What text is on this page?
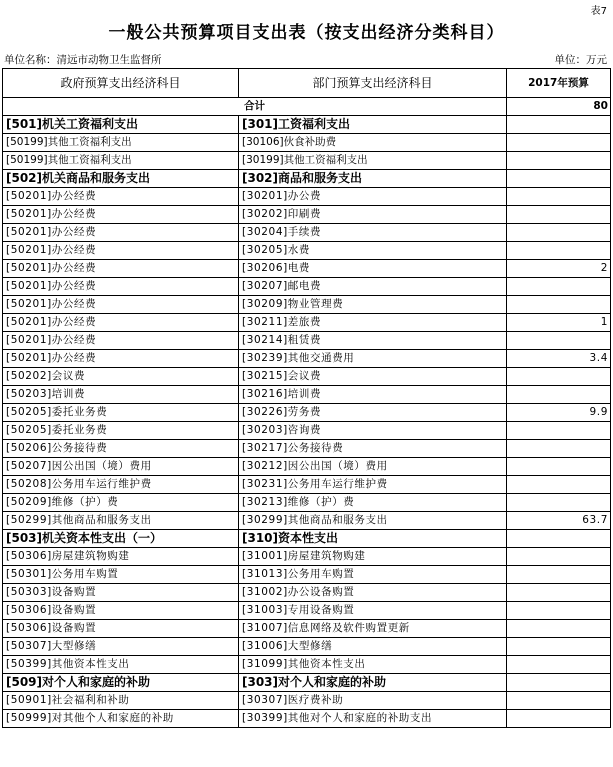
表7
一般公共预算项目支出表（按支出经济分类科目）
单位名称：清远市动物卫生监督所	单位：万元
政府预算支出经济科目	部门预算支出经济科目	2017年预算
合计		80
[501]机关工资福利支出	[301]工资福利支出	
[50199]其他工资福利支出	[30106]伙食补助费	
[50199]其他工资福利支出	[30199]其他工资福利支出	
[502]机关商品和服务支出	[302]商品和服务支出	
[50201]办公经费	[30201]办公费	
[50201]办公经费	[30202]印刷费	
[50201]办公经费	[30204]手续费	
[50201]办公经费	[30205]水费	
[50201]办公经费	[30206]电费	2
[50201]办公经费	[30207]邮电费	
[50201]办公经费	[30209]物业管理费	
[50201]办公经费	[30211]差旅费	1
[50201]办公经费	[30214]租赁费	
[50201]办公经费	[30239]其他交通费用	3.4
[50202]会议费	[30215]会议费	
[50203]培训费	[30216]培训费	
[50205]委托业务费	[30226]劳务费	9.9
[50205]委托业务费	[30203]咨询费	
[50206]公务接待费	[30217]公务接待费	
[50207]因公出国（境）费用	[30212]因公出国（境）费用	
[50208]公务用车运行维护费	[30231]公务用车运行维护费	
[50209]维修（护）费	[30213]维修（护）费	
[50299]其他商品和服务支出	[30299]其他商品和服务支出	63.7
[503]机关资本性支出（一）	[310]资本性支出	
[50306]房屋建筑物购建	[31001]房屋建筑物购建	
[50301]公务用车购置	[31013]公务用车购置	
[50303]设备购置	[31002]办公设备购置	
[50306]设备购置	[31003]专用设备购置	
[50306]设备购置	[31007]信息网络及软件购置更新	
[50307]大型修缮	[31006]大型修缮	
[50399]其他资本性支出	[31099]其他资本性支出	
[509]对个人和家庭的补助	[303]对个人和家庭的补助	
[50901]社会福利和补助	[30307]医疗费补助	
[50999]对其他个人和家庭的补助	[30399]其他对个人和家庭的补助支出	
